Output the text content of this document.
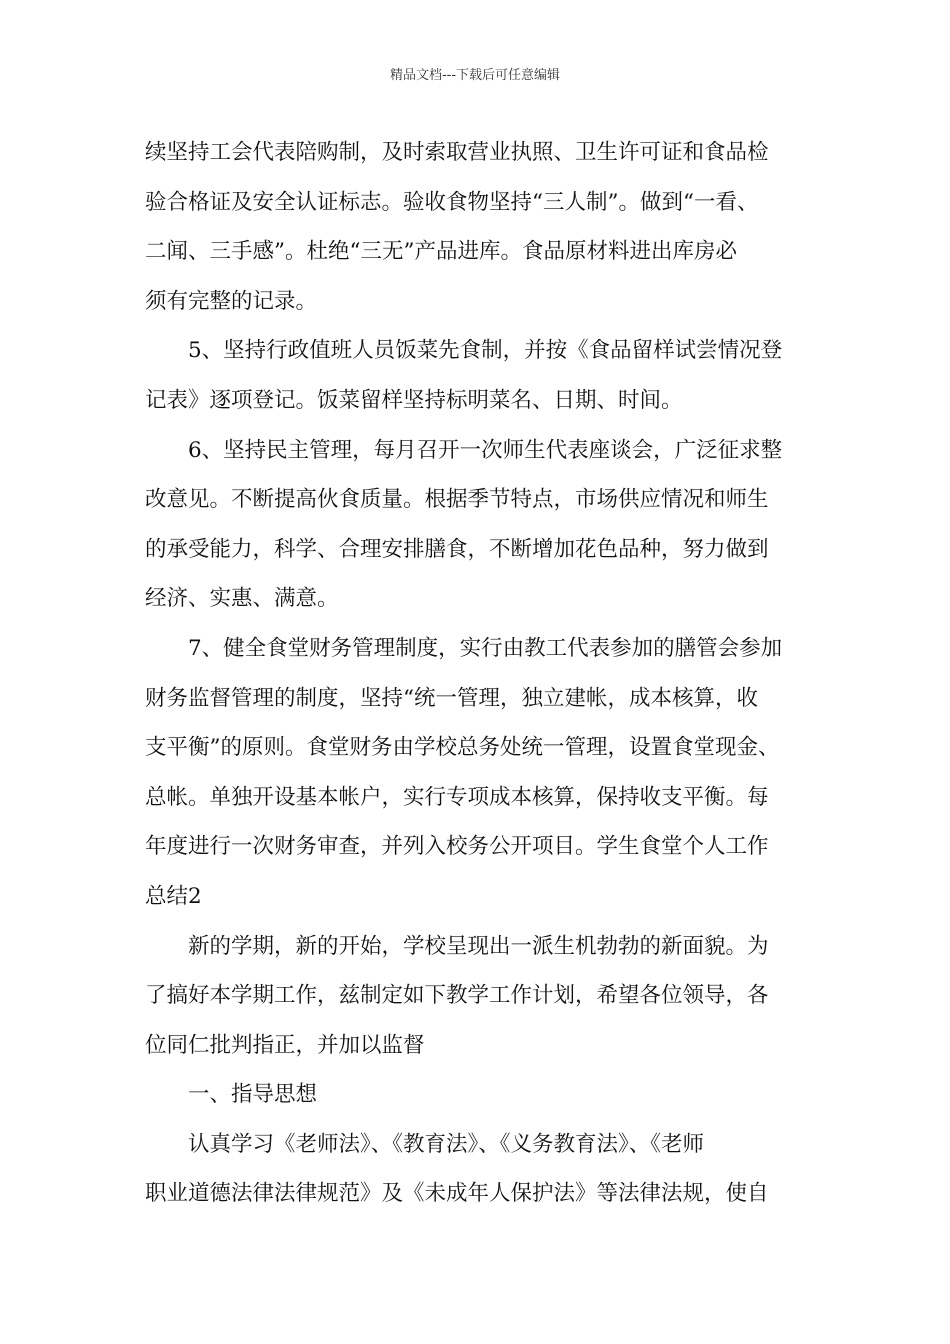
精品文档---下载后可任意编辑
续坚持工会代表陪购制，及时索取营业执照、卫生许可证和食品检
验合格证及安全认证标志。验收食物坚持“三人制”。做到“一看、
二闻、三手感”。杜绝“三无”产品进库。食品原材料进出库房必
须有完整的记录。
5、坚持行政值班人员饭菜先食制，并按《食品留样试尝情况登
记表》逐项登记。饭菜留样坚持标明菜名、日期、时间。
6、坚持民主管理，每月召开一次师生代表座谈会，广泛征求整
改意见。不断提高伙食质量。根据季节特点，市场供应情况和师生
的承受能力，科学、合理安排膳食，不断增加花色品种，努力做到
经济、实惠、满意。
7、健全食堂财务管理制度，实行由教工代表参加的膳管会参加
财务监督管理的制度，坚持“统一管理，独立建帐，成本核算，收
支平衡”的原则。食堂财务由学校总务处统一管理，设置食堂现金、
总帐。单独开设基本帐户，实行专项成本核算，保持收支平衡。每
年度进行一次财务审查，并列入校务公开项目。学生食堂个人工作
总结2
新的学期，新的开始，学校呈现出一派生机勃勃的新面貌。为
了搞好本学期工作，兹制定如下教学工作计划，希望各位领导，各
位同仁批判指正，并加以监督
一、指导思想
认真学习《老师法》、《教育法》、《义务教育法》、《老师
职业道德法律法律规范》及《未成年人保护法》等法律法规，使自
